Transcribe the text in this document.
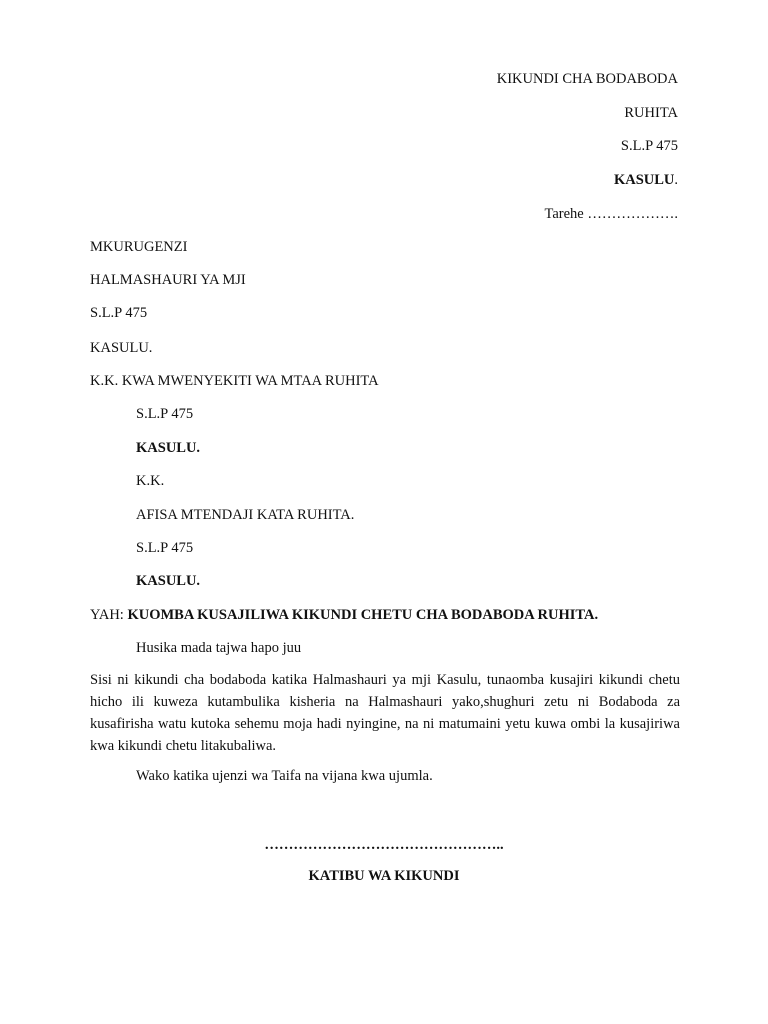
KIKUNDI CHA BODABODA
RUHITA
S.L.P 475
KASULU.
Tarehe ……………….
MKURUGENZI
HALMASHAURI YA MJI
S.L.P 475
KASULU.
K.K. KWA MWENYEKITI WA MTAA RUHITA
S.L.P 475
KASULU.
K.K.
AFISA MTENDAJI KATA RUHITA.
S.L.P 475
KASULU.
YAH: KUOMBA KUSAJILIWA KIKUNDI CHETU CHA BODABODA RUHITA.
Husika mada tajwa hapo juu
Sisi ni kikundi cha bodaboda katika Halmashauri ya mji Kasulu, tunaomba kusajiri kikundi chetu hicho ili kuweza kutambulika kisheria na Halmashauri yako,shughuri zetu ni Bodaboda za kusafirisha watu kutoka sehemu moja hadi nyingine, na ni matumaini yetu kuwa ombi la kusajiriwa kwa kikundi chetu litakubaliwa.
Wako katika ujenzi wa Taifa na vijana kwa ujumla.
…………………………………………..
KATIBU WA KIKUNDI
